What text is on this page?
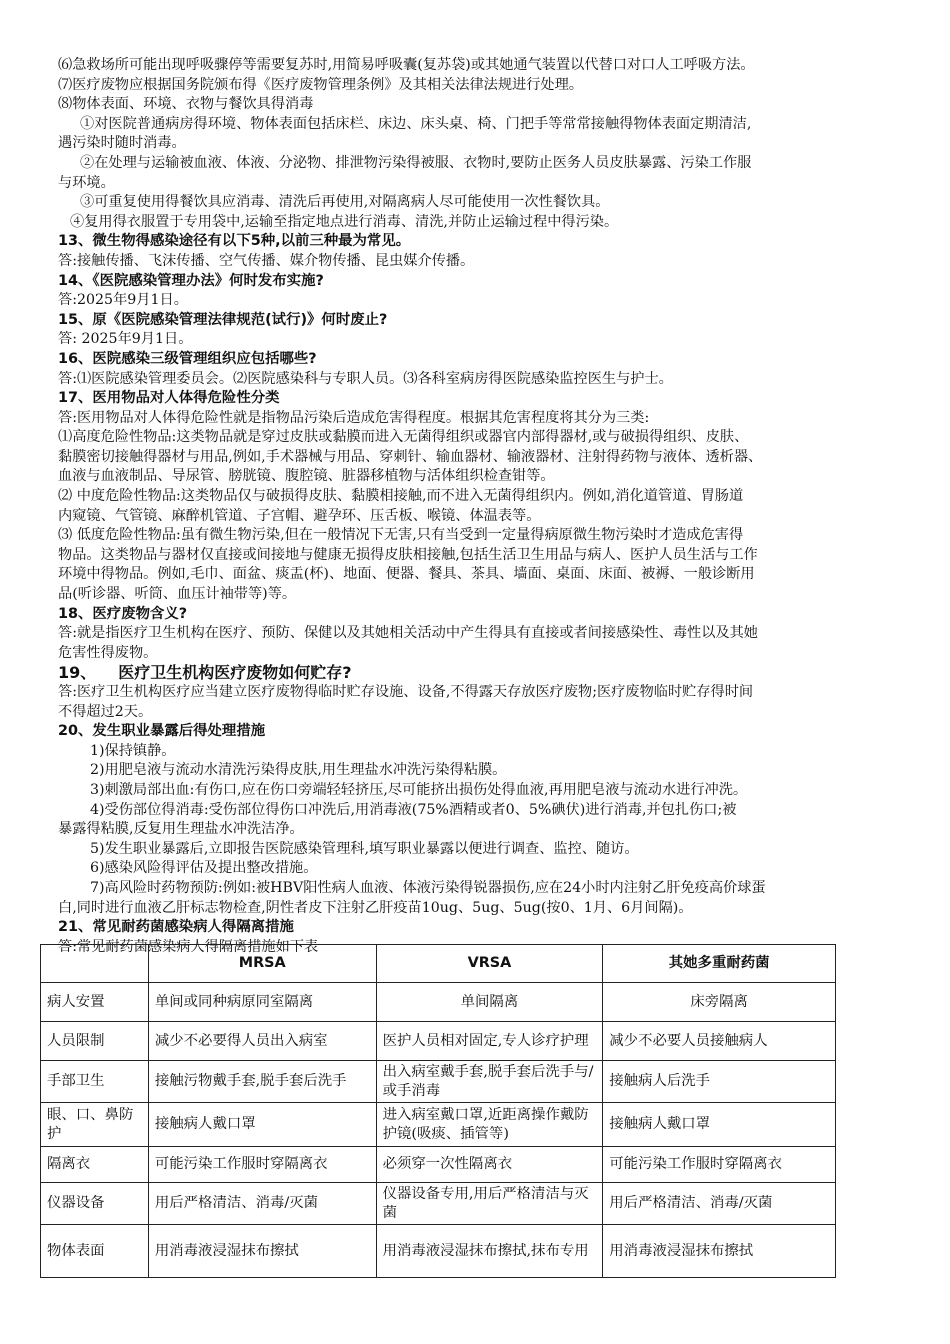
⑹急救场所可能出现呼吸骤停等需要复苏时,用简易呼吸囊(复苏袋)或其她通气装置以代替口对口人工呼吸方法。

⑺医疗废物应根据国务院颁布得《医疗废物管理条例》及其相关法律法规进行处理。

⑻物体表面、环境、衣物与餐饮具得消毒

①对医院普通病房得环境、物体表面包括床栏、床边、床头桌、椅、门把手等常常接触得物体表面定期清洁,

遇污染时随时消毒。

②在处理与运输被血液、体液、分泌物、排泄物污染得被服、衣物时,要防止医务人员皮肤暴露、污染工作服

与环境。

③可重复使用得餐饮具应消毒、清洗后再使用,对隔离病人尽可能使用一次性餐饮具。

④复用得衣服置于专用袋中,运输至指定地点进行消毒、清洗,并防止运输过程中得污染。

13、微生物得感染途径有以下5种,以前三种最为常见。

答:接触传播、飞沫传播、空气传播、媒介物传播、昆虫媒介传播。

14、《医院感染管理办法》何时发布实施?

答:2025年9月1日。

15、原《医院感染管理法律规范(试行)》何时废止?

答: 2025年9月1日。

16、医院感染三级管理组织应包括哪些?

答:⑴医院感染管理委员会。⑵医院感染科与专职人员。⑶各科室病房得医院感染监控医生与护士。

17、医用物品对人体得危险性分类

答:医用物品对人体得危险性就是指物品污染后造成危害得程度。根据其危害程度将其分为三类:

⑴高度危险性物品:这类物品就是穿过皮肤或黏膜而进入无菌得组织或器官内部得器材,或与破损得组织、皮肤、

黏膜密切接触得器材与用品,例如,手术器械与用品、穿刺针、输血器材、输液器材、注射得药物与液体、透析器、

血液与血液制品、导尿管、膀胱镜、腹腔镜、脏器移植物与活体组织检查钳等。

⑵ 中度危险性物品:这类物品仅与破损得皮肤、黏膜相接触,而不进入无菌得组织内。例如,消化道管道、胃肠道

内窥镜、气管镜、麻醉机管道、子宫帽、避孕环、压舌板、喉镜、体温表等。

⑶ 低度危险性物品:虽有微生物污染,但在一般情况下无害,只有当受到一定量得病原微生物污染时才造成危害得

物品。这类物品与器材仅直接或间接地与健康无损得皮肤相接触,包括生活卫生用品与病人、医护人员生活与工作

环境中得物品。例如,毛巾、面盆、痰盂(杯)、地面、便器、餐具、茶具、墙面、桌面、床面、被褥、一般诊断用

品(听诊器、听筒、血压计袖带等)等。

18、医疗废物含义?

答:就是指医疗卫生机构在医疗、预防、保健以及其她相关活动中产生得具有直接或者间接感染性、毒性以及其她

危害性得废物。

19、 医疗卫生机构医疗废物如何贮存?

答:医疗卫生机构医疗应当建立医疗废物得临时贮存设施、设备,不得露天存放医疗废物;医疗废物临时贮存得时间

不得超过2天。

20、发生职业暴露后得处理措施

1)保持镇静。

2)用肥皂液与流动水清洗污染得皮肤,用生理盐水冲洗污染得粘膜。

3)刺激局部出血:有伤口,应在伤口旁端轻轻挤压,尽可能挤出损伤处得血液,再用肥皂液与流动水进行冲洗。

4)受伤部位得消毒:受伤部位得伤口冲洗后,用消毒液(75%酒精或者0、5%碘伏)进行消毒,并包扎伤口;被

暴露得粘膜,反复用生理盐水冲洗洁净。

5)发生职业暴露后,立即报告医院感染管理科,填写职业暴露以便进行调查、监控、随访。

6)感染风险得评估及提出整改措施。

7)高风险时药物预防:例如:被HBV阳性病人血液、体液污染得锐器损伤,应在24小时内注射乙肝免疫高价球蛋

白,同时进行血液乙肝标志物检查,阴性者皮下注射乙肝疫苗10ug、5ug、5ug(按0、1月、6月间隔)。

21、常见耐药菌感染病人得隔离措施

答:常见耐药菌感染病人得隔离措施如下表

	MRSA	VRSA	其她多重耐药菌
病人安置	单间或同种病原同室隔离	单间隔离	床旁隔离
人员限制	减少不必要得人员出入病室	医护人员相对固定,专人诊疗护理	减少不必要人员接触病人
手部卫生	接触污物戴手套,脱手套后洗手	出入病室戴手套,脱手套后洗手与/或手消毒	接触病人后洗手
眼、口、鼻防护	接触病人戴口罩	进入病室戴口罩,近距离操作戴防护镜(吸痰、插管等)	接触病人戴口罩
隔离衣	可能污染工作服时穿隔离衣	必须穿一次性隔离衣	可能污染工作服时穿隔离衣
仪器设备	用后严格清洁、消毒/灭菌	仪器设备专用,用后严格清洁与灭菌	用后严格清洁、消毒/灭菌
物体表面	用消毒液浸湿抹布擦拭	用消毒液浸湿抹布擦拭,抹布专用	用消毒液浸湿抹布擦拭
